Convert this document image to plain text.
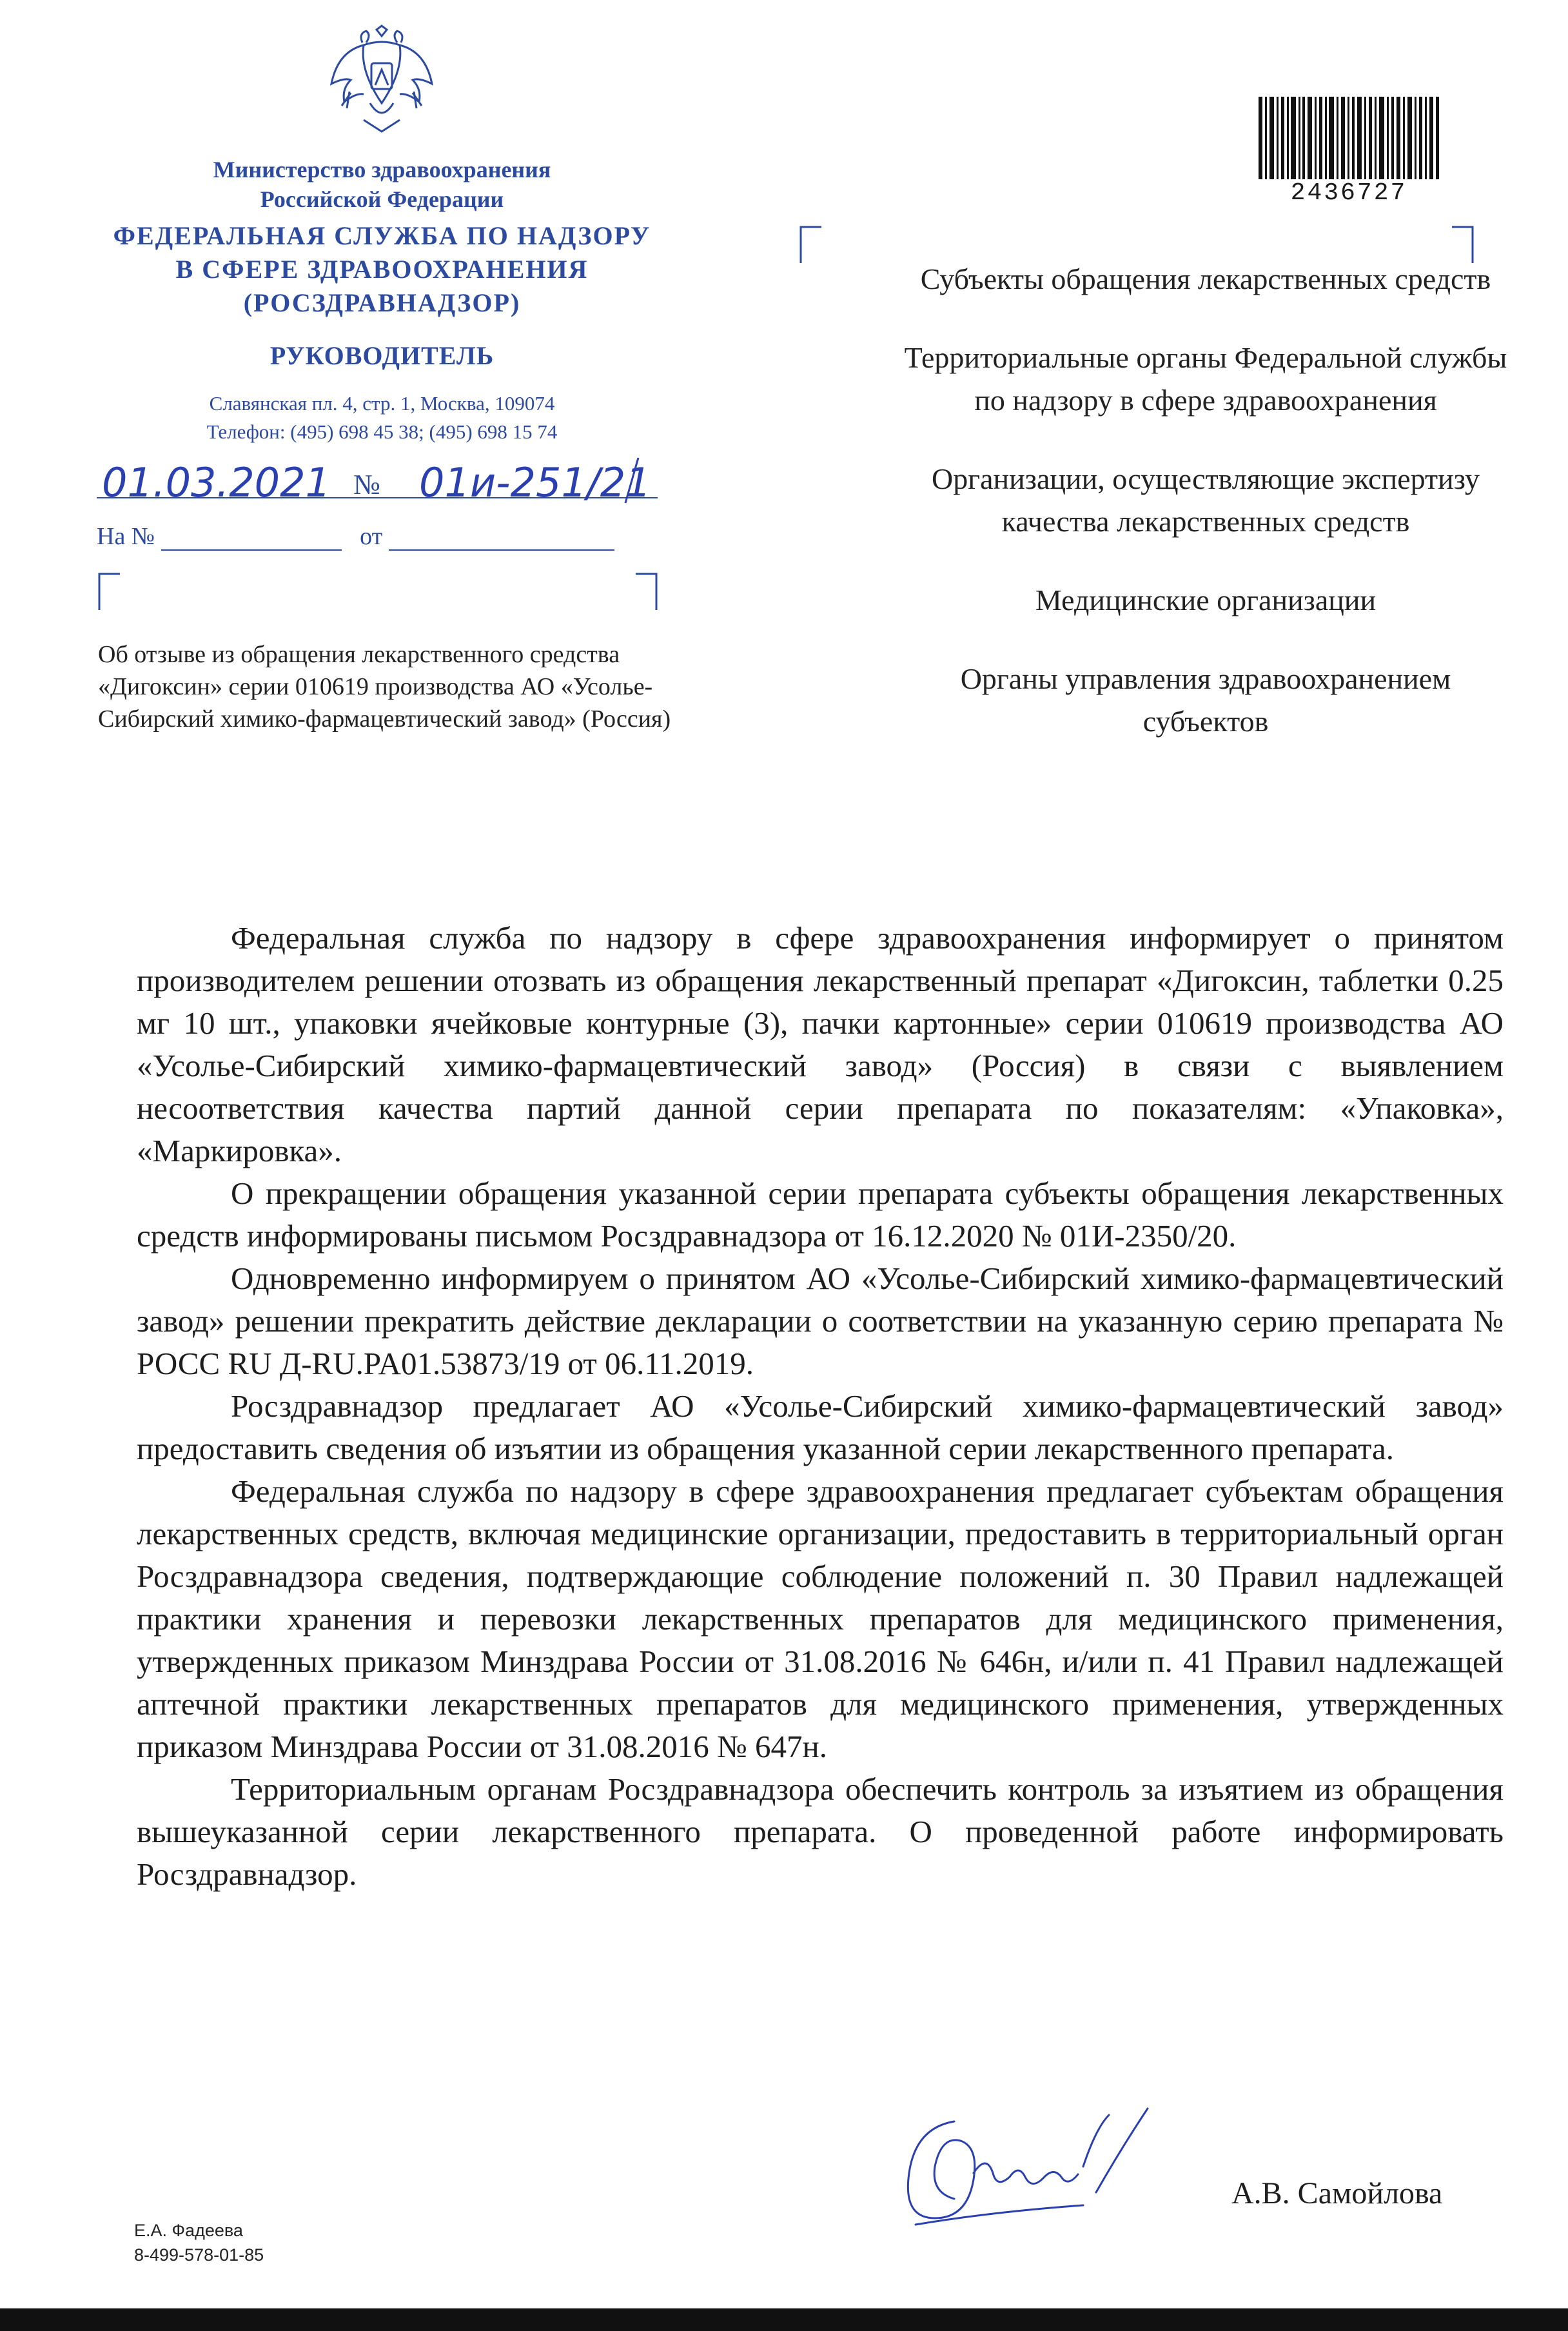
Министерство здравоохранения
Российской Федерации
ФЕДЕРАЛЬНАЯ СЛУЖБА ПО НАДЗОРУ
В СФЕРЕ ЗДРАВООХРАНЕНИЯ
(РОСЗДРАВНАДЗОР)
РУКОВОДИТЕЛЬ
Славянская пл. 4, стр. 1, Москва, 109074
Телефон: (495) 698 45 38; (495) 698 15 74
01.03.2021 № 01и-251/21
На №	от
Об отзыве из обращения лекарственного средства «Дигоксин» серии 010619 производства АО «Усолье-Сибирский химико-фармацевтический завод» (Россия)
2436727

Субъекты обращения лекарственных средств

Территориальные органы Федеральной службы по надзору в сфере здравоохранения

Организации, осуществляющие экспертизу качества лекарственных средств

Медицинские организации

Органы управления здравоохранением субъектов

Федеральная служба по надзору в сфере здравоохранения информирует о принятом производителем решении отозвать из обращения лекарственный препарат «Дигоксин, таблетки 0.25 мг 10 шт., упаковки ячейковые контурные (3), пачки картонные» серии 010619 производства АО «Усолье-Сибирский химико-фармацевтический завод» (Россия) в связи с выявлением несоответствия качества партий данной серии препарата по показателям: «Упаковка», «Маркировка».

О прекращении обращения указанной серии препарата субъекты обращения лекарственных средств информированы письмом Росздравнадзора от 16.12.2020 № 01И-2350/20.

Одновременно информируем о принятом АО «Усолье-Сибирский химико-фармацевтический завод» решении прекратить действие декларации о соответствии на указанную серию препарата № РОСС RU Д-RU.PA01.53873/19 от 06.11.2019.

Росздравнадзор предлагает АО «Усолье-Сибирский химико-фармацевтический завод» предоставить сведения об изъятии из обращения указанной серии лекарственного препарата.

Федеральная служба по надзору в сфере здравоохранения предлагает субъектам обращения лекарственных средств, включая медицинские организации, предоставить в территориальный орган Росздравнадзора сведения, подтверждающие соблюдение положений п. 30 Правил надлежащей практики хранения и перевозки лекарственных препаратов для медицинского применения, утвержденных приказом Минздрава России от 31.08.2016 № 646н, и/или п. 41 Правил надлежащей аптечной практики лекарственных препаратов для медицинского применения, утвержденных приказом Минздрава России от 31.08.2016 № 647н.

Территориальным органам Росздравнадзора обеспечить контроль за изъятием из обращения вышеуказанной серии лекарственного препарата. О проведенной работе информировать Росздравнадзор.

А.В. Самойлова
Е.А. Фадеева
8-499-578-01-85
